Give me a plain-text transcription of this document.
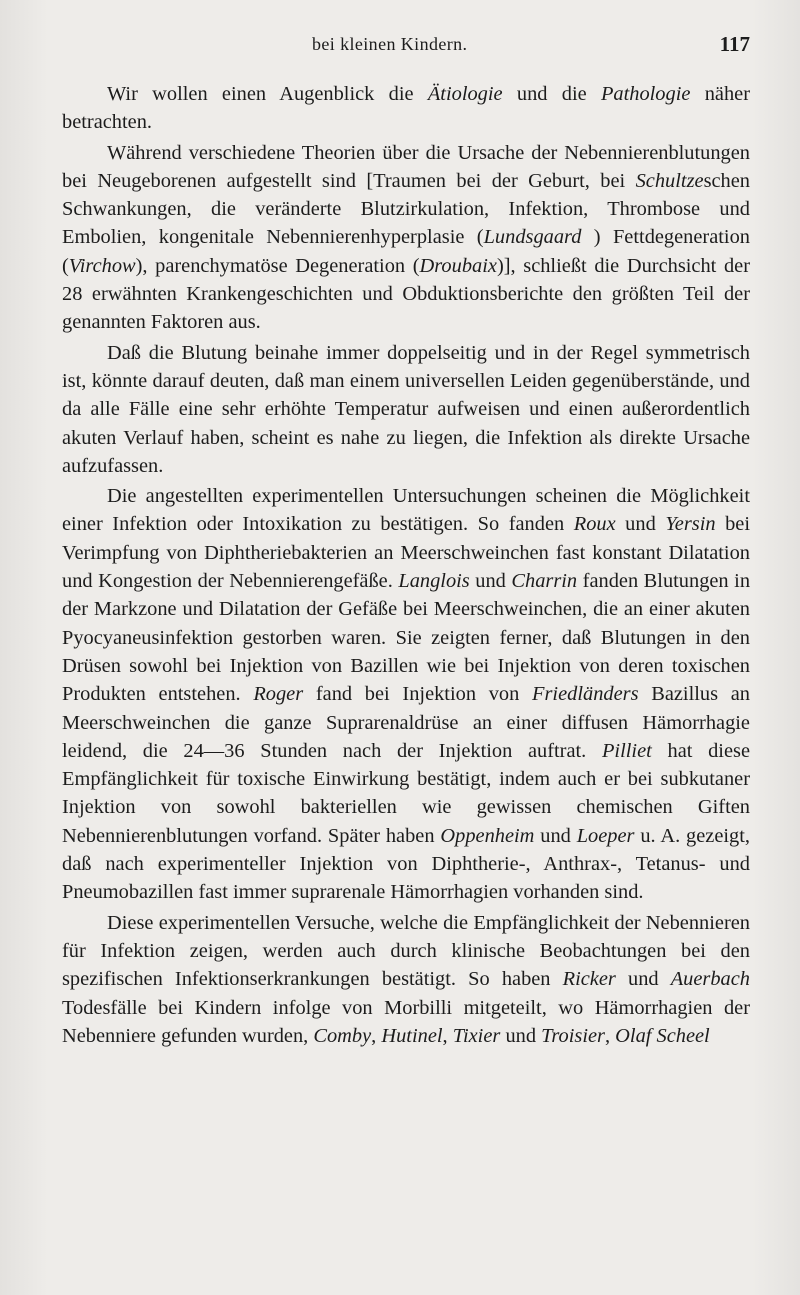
bei kleinen Kindern.	117

Wir wollen einen Augenblick die Ätiologie und die Pathologie näher betrachten.

Während verschiedene Theorien über die Ursache der Nebennierenblutungen bei Neugeborenen aufgestellt sind [Traumen bei der Geburt, bei Schultzeschen Schwankungen, die veränderte Blutzirkulation, Infektion, Thrombose und Embolien, kongenitale Nebennierenhyperplasie (Lundsgaard ) Fettdegeneration (Virchow), parenchymatöse Degeneration (Droubaix)], schließt die Durchsicht der 28 erwähnten Krankengeschichten und Obduktionsberichte den größten Teil der genannten Faktoren aus.

Daß die Blutung beinahe immer doppelseitig und in der Regel symmetrisch ist, könnte darauf deuten, daß man einem universellen Leiden gegenüberstände, und da alle Fälle eine sehr erhöhte Temperatur aufweisen und einen außerordentlich akuten Verlauf haben, scheint es nahe zu liegen, die Infektion als direkte Ursache aufzufassen.

Die angestellten experimentellen Untersuchungen scheinen die Möglichkeit einer Infektion oder Intoxikation zu bestätigen. So fanden Roux und Yersin bei Verimpfung von Diphtheriebakterien an Meerschweinchen fast konstant Dilatation und Kongestion der Nebennierengefäße. Langlois und Charrin fanden Blutungen in der Markzone und Dilatation der Gefäße bei Meerschweinchen, die an einer akuten Pyocyaneusinfektion gestorben waren. Sie zeigten ferner, daß Blutungen in den Drüsen sowohl bei Injektion von Bazillen wie bei Injektion von deren toxischen Produkten entstehen. Roger fand bei Injektion von Friedländers Bazillus an Meerschweinchen die ganze Suprarenaldrüse an einer diffusen Hämorrhagie leidend, die 24—36 Stunden nach der Injektion auftrat. Pilliet hat diese Empfänglichkeit für toxische Einwirkung bestätigt, indem auch er bei subkutaner Injektion von sowohl bakteriellen wie gewissen chemischen Giften Nebennierenblutungen vorfand. Später haben Oppenheim und Loeper u. A. gezeigt, daß nach experimenteller Injektion von Diphtherie-, Anthrax-, Tetanus- und Pneumobazillen fast immer suprarenale Hämorrhagien vorhanden sind.

Diese experimentellen Versuche, welche die Empfänglichkeit der Nebennieren für Infektion zeigen, werden auch durch klinische Beobachtungen bei den spezifischen Infektionserkrankungen bestätigt. So haben Ricker und Auerbach Todesfälle bei Kindern infolge von Morbilli mitgeteilt, wo Hämorrhagien der Nebenniere gefunden wurden, Comby, Hutinel, Tixier und Troisier, Olaf Scheel
